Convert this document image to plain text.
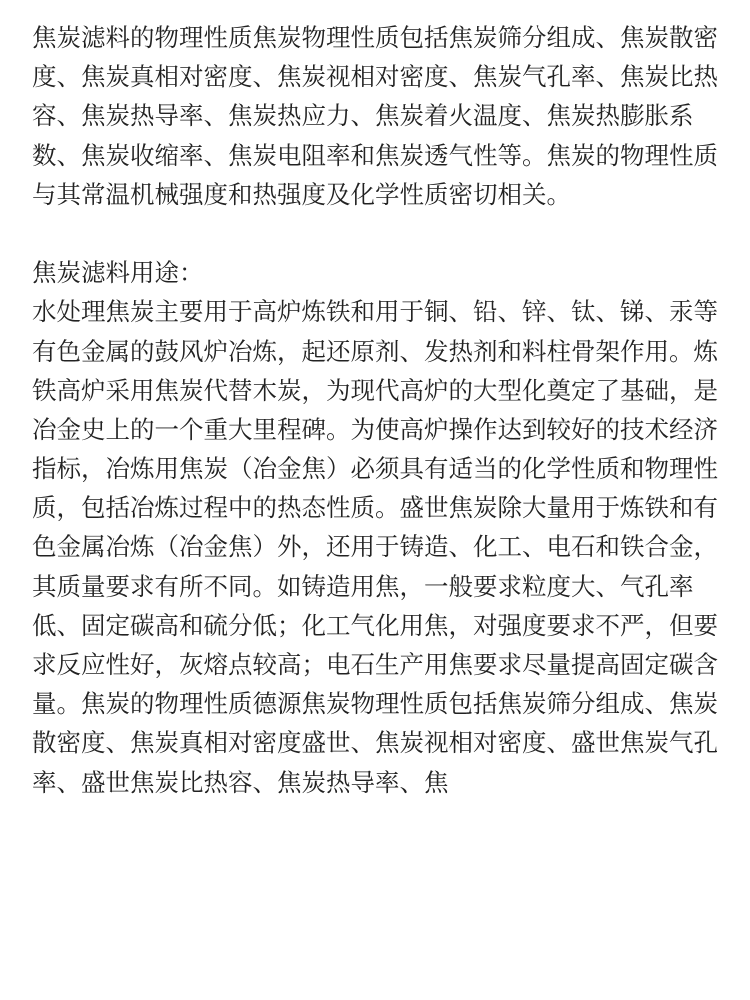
焦炭滤料的物理性质焦炭物理性质包括焦炭筛分组成、焦炭散密
度、焦炭真相对密度、焦炭视相对密度、焦炭气孔率、焦炭比热
容、焦炭热导率、焦炭热应力、焦炭着火温度、焦炭热膨胀系
数、焦炭收缩率、焦炭电阻率和焦炭透气性等。焦炭的物理性质
与其常温机械强度和热强度及化学性质密切相关。
焦炭滤料用途：
水处理焦炭主要用于高炉炼铁和用于铜、铅、锌、钛、锑、汞等
有色金属的鼓风炉冶炼，起还原剂、发热剂和料柱骨架作用。炼
铁高炉采用焦炭代替木炭，为现代高炉的大型化奠定了基础，是
冶金史上的一个重大里程碑。为使高炉操作达到较好的技术经济
指标，冶炼用焦炭（冶金焦）必须具有适当的化学性质和物理性
质，包括冶炼过程中的热态性质。盛世焦炭除大量用于炼铁和有
色金属冶炼（冶金焦）外，还用于铸造、化工、电石和铁合金，
其质量要求有所不同。如铸造用焦，一般要求粒度大、气孔率
低、固定碳高和硫分低；化工气化用焦，对强度要求不严，但要
求反应性好，灰熔点较高；电石生产用焦要求尽量提高固定碳含
量。焦炭的物理性质德源焦炭物理性质包括焦炭筛分组成、焦炭
散密度、焦炭真相对密度盛世、焦炭视相对密度、盛世焦炭气孔
率、盛世焦炭比热容、焦炭热导率、焦
